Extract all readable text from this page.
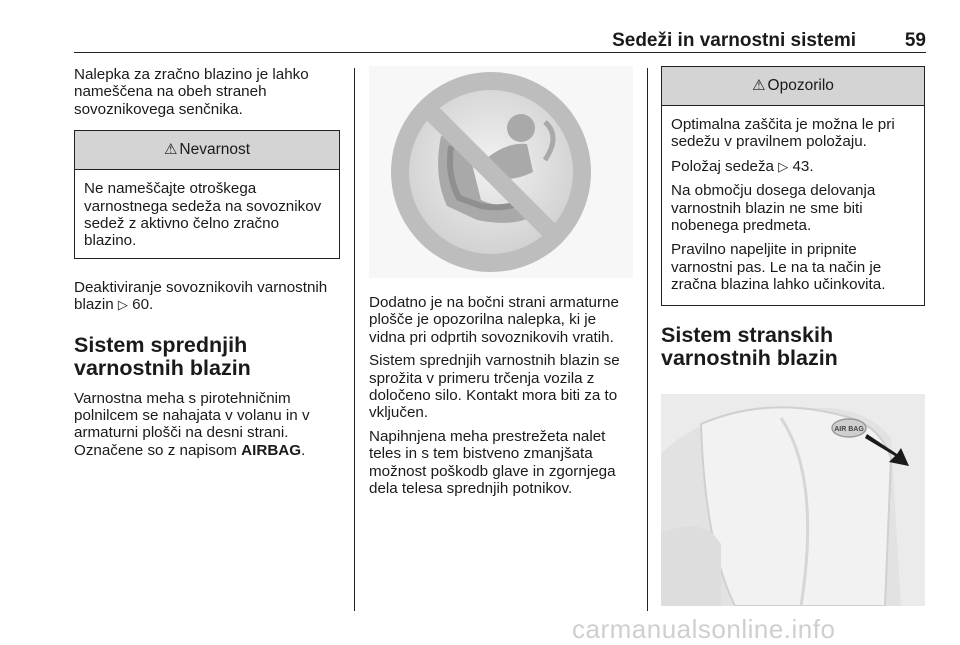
Sedeži in varnostni sistemi	59

Nalepka za zračno blazino je lahko nameščena na obeh straneh sovoznikovega senčnika.

⚠ Nevarnost

Ne nameščajte otroškega varnostnega sedeža na sovoznikov sedež z aktivno čelno zračno blazino.

Deaktiviranje sovoznikovih varnostnih blazin ▷ 60.

Sistem sprednjih varnostnih blazin

Varnostna meha s pirotehničnim polnilcem se nahajata v volanu in v armaturni plošči na desni strani. Označene so z napisom AIRBAG.

Dodatno je na bočni strani armaturne plošče je opozorilna nalepka, ki je vidna pri odprtih sovoznikovih vratih.

Sistem sprednjih varnostnih blazin se sprožita v primeru trčenja vozila z določeno silo. Kontakt mora biti za to vključen.

Napihnjena meha prestrežeta nalet teles in s tem bistveno zmanjšata možnost poškodb glave in zgornjega dela telesa sprednjih potnikov.

⚠ Opozorilo

Optimalna zaščita je možna le pri sedežu v pravilnem položaju.

Položaj sedeža ▷ 43.

Na območju dosega delovanja varnostnih blazin ne sme biti nobenega predmeta.

Pravilno napeljite in pripnite varnostni pas. Le na ta način je zračna blazina lahko učinkovita.

Sistem stranskih varnostnih blazin
AIR BAG
carmanualsonline.info
